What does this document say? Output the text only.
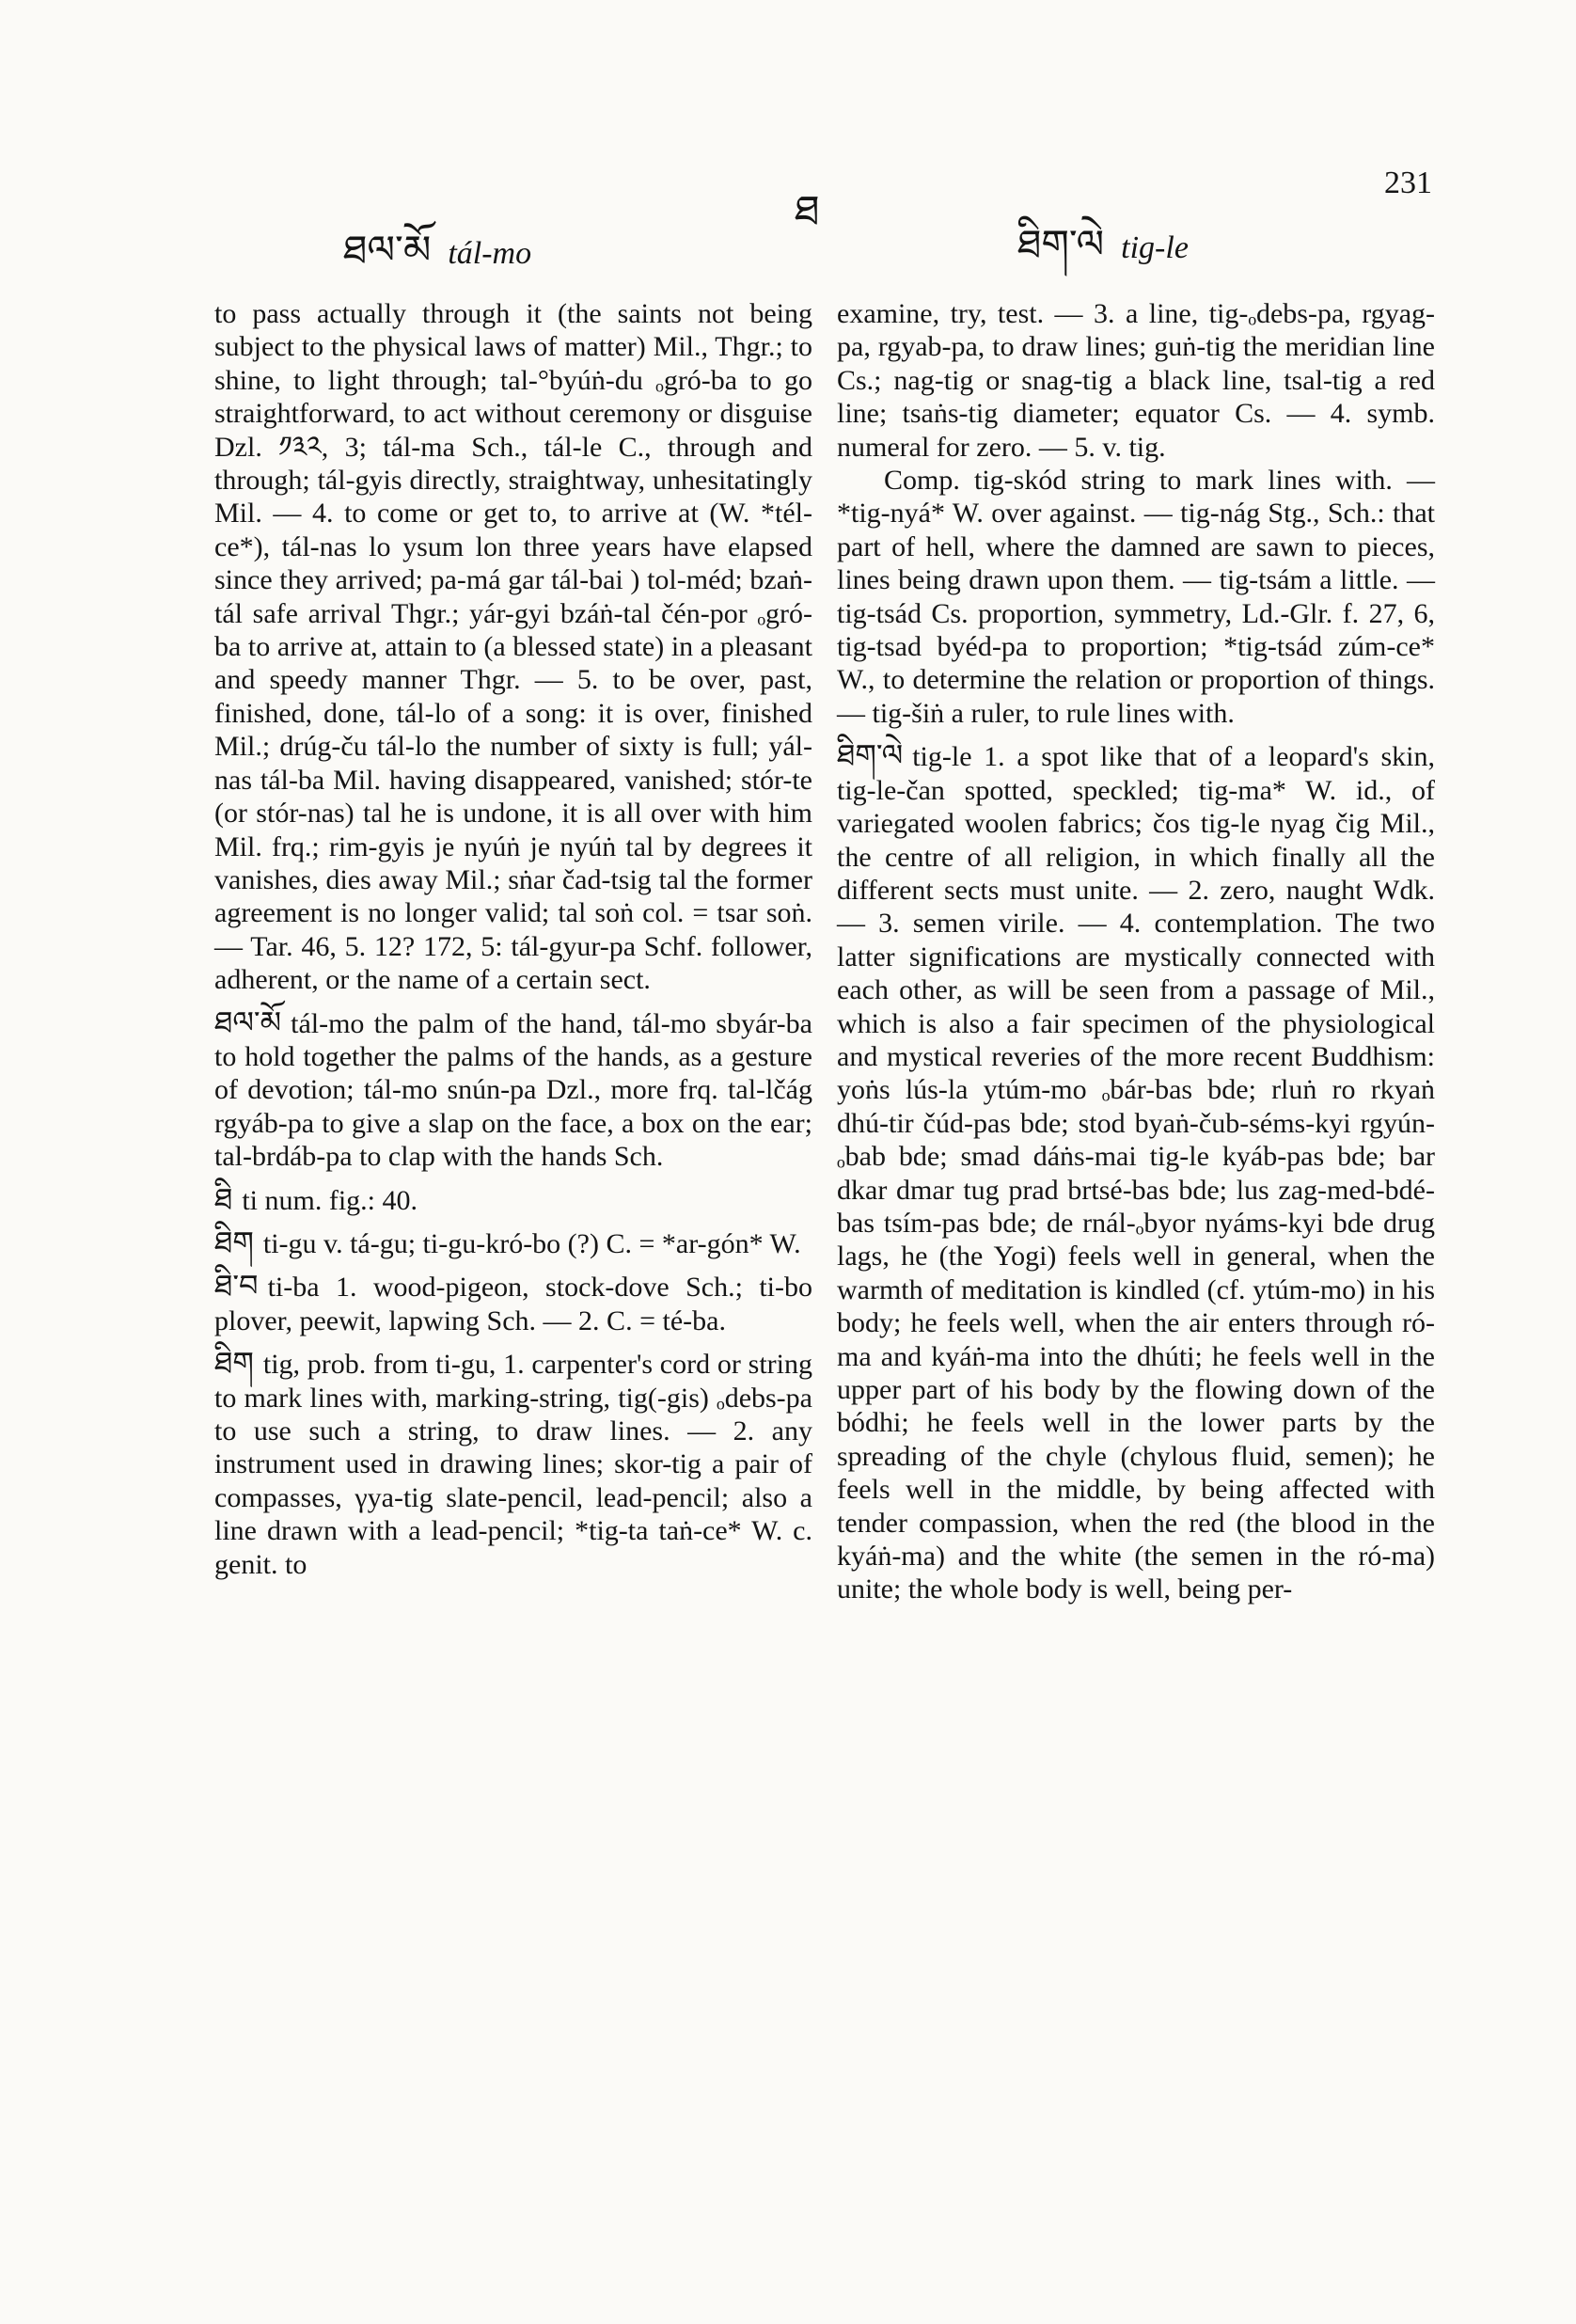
ཐལ་མོ tál-mo
ཐ
ཐིག་ལེ tig-le
231

to pass actually through it (the saints not being subject to the physical laws of matter) Mil., Thgr.; to shine, to light through; tal-°byúṅ-du ₒgró-ba to go straightforward, to act without ceremony or disguise Dzl. ༡༣༢, 3; tál-ma Sch., tál-le C., through and through; tál-gyis directly, straightway, unhesitatingly Mil. — 4. to come or get to, to arrive at (W. *tél-ce*), tál-nas lo ysum lon three years have elapsed since they arrived; pa-má gar tál-bai ) tol-méd; bzaṅ-tál safe arrival Thgr.; yár-gyi bzáṅ-tal čén-por ₒgró-ba to arrive at, attain to (a blessed state) in a pleasant and speedy manner Thgr. — 5. to be over, past, finished, done, tál-lo of a song: it is over, finished Mil.; drúg-ču tál-lo the number of sixty is full; yál-nas tál-ba Mil. having disappeared, vanished; stór-te (or stór-nas) tal he is undone, it is all over with him Mil. frq.; rim-gyis je nyúṅ je nyúṅ tal by degrees it vanishes, dies away Mil.; sṅar čad-tsig tal the former agreement is no longer valid; tal soṅ col. = tsar soṅ. — Tar. 46, 5. 12? 172, 5: tál-gyur-pa Schf. follower, adherent, or the name of a certain sect.

ཐལ་མོ tál-mo the palm of the hand, tál-mo sbyár-ba to hold together the palms of the hands, as a gesture of devotion; tál-mo snún-pa Dzl., more frq. tal-lčág rgyáb-pa to give a slap on the face, a box on the ear; tal-brdáb-pa to clap with the hands Sch.

ཐི ti num. fig.: 40.

ཐིག ti-gu v. tá-gu; ti-gu-kró-bo (?) C. = *ar-gón* W.

ཐི་བ ti-ba 1. wood-pigeon, stock-dove Sch.; ti-bo plover, peewit, lapwing Sch. — 2. C. = té-ba.

ཐིག tig, prob. from ti-gu, 1. carpenter's cord or string to mark lines with, marking-string, tig(-gis) ₒdebs-pa to use such a string, to draw lines. — 2. any instrument used in drawing lines; skor-tig a pair of compasses, γya-tig slate-pencil, lead-pencil; also a line drawn with a lead-pencil; *tig-ta taṅ-ce* W. c. genit. to

examine, try, test. — 3. a line, tig-ₒdebs-pa, rgyag-pa, rgyab-pa, to draw lines; guṅ-tig the meridian line Cs.; nag-tig or snag-tig a black line, tsal-tig a red line; tsaṅs-tig diameter; equator Cs. — 4. symb. numeral for zero. — 5. v. tig.

Comp. tig-skód string to mark lines with. — *tig-nyá* W. over against. — tig-nág Stg., Sch.: that part of hell, where the damned are sawn to pieces, lines being drawn upon them. — tig-tsám a little. — tig-tsád Cs. proportion, symmetry, Ld.-Glr. f. 27, 6, tig-tsad byéd-pa to proportion; *tig-tsád zúm-ce* W., to determine the relation or proportion of things. — tig-šiṅ a ruler, to rule lines with.

ཐིག་ལེ tig-le 1. a spot like that of a leopard's skin, tig-le-čan spotted, speckled; tig-ma* W. id., of variegated woolen fabrics; čos tig-le nyag čig Mil., the centre of all religion, in which finally all the different sects must unite. — 2. zero, naught Wdk. — 3. semen virile. — 4. contemplation. The two latter significations are mystically connected with each other, as will be seen from a passage of Mil., which is also a fair specimen of the physiological and mystical reveries of the more recent Buddhism: yoṅs lús-la ytúm-mo ₒbár-bas bde; rluṅ ro rkyaṅ dhú-tir čúd-pas bde; stod byaṅ-čub-séms-kyi rgyún-ₒbab bde; smad dáṅs-mai tig-le kyáb-pas bde; bar dkar dmar tug prad brtsé-bas bde; lus zag-med-bdé-bas tsím-pas bde; de rnál-ₒbyor nyáms-kyi bde drug lags, he (the Yogi) feels well in general, when the warmth of meditation is kindled (cf. ytúm-mo) in his body; he feels well, when the air enters through ró-ma and kyáṅ-ma into the dhúti; he feels well in the upper part of his body by the flowing down of the bódhi; he feels well in the lower parts by the spreading of the chyle (chylous fluid, semen); he feels well in the middle, by being affected with tender compassion, when the red (the blood in the kyáṅ-ma) and the white (the semen in the ró-ma) unite; the whole body is well, being per-
